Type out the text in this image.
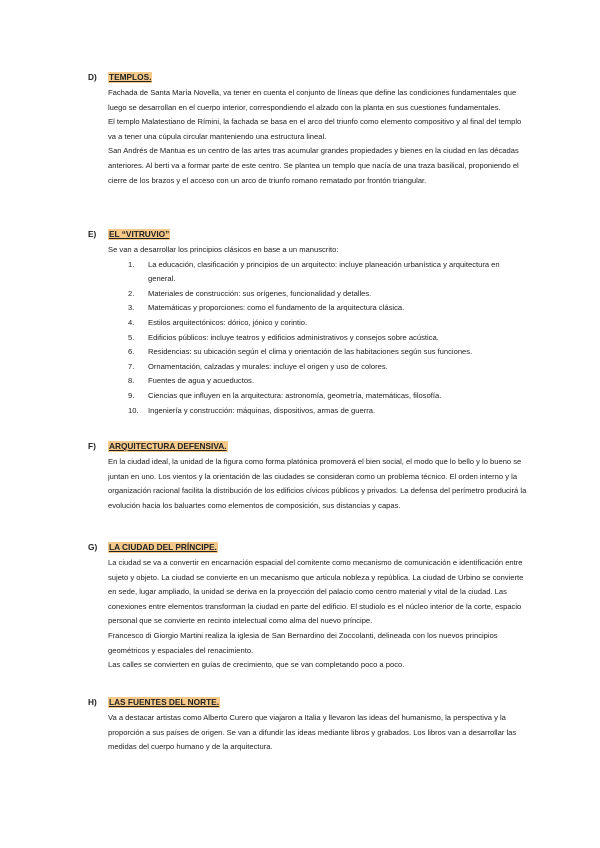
D) TEMPLOS.

Fachada de Santa María Novella, va tener en cuenta el conjunto de líneas que define las condiciones fundamentales que luego se desarrollan en el cuerpo interior, correspondiendo el alzado con la planta en sus cuestiones fundamentales.

El templo Malatestiano de Rímini, la fachada se basa en el arco del triunfo como elemento compositivo y al final del templo va a tener una cúpula circular manteniendo una estructura lineal.

San Andrés de Mantua es un centro de las artes tras acumular grandes propiedades y bienes en la ciudad en las décadas anteriores. Al berti va a formar parte de este centro. Se plantea un templo que nacía de una traza basilical, proponiendo el cierre de los brazos y el acceso con un arco de triunfo romano rematado por frontón triangular.

E) EL “VITRUVIO”

Se van a desarrollar los principios clásicos en base a un manuscrito:

1.	La educación, clasificación y principios de un arquitecto: incluye planeación urbanística y arquitectura en general.
2.	Materiales de construcción: sus orígenes, funcionalidad y detalles.
3.	Matemáticas y proporciones: como el fundamento de la arquitectura clásica.
4.	Estilos arquitectónicos: dórico, jónico y corintio.
5.	Edificios públicos: incluye teatros y edificios administrativos y consejos sobre acústica.
6.	Residencias: su ubicación según el clima y orientación de las habitaciones según sus funciones.
7.	Ornamentación, calzadas y murales: incluye el origen y uso de colores.
8.	Fuentes de agua y acueductos.
9.	Ciencias que influyen en la arquitectura: astronomía, geometría, matemáticas, filosofía.
10.	Ingeniería y construcción: máquinas, dispositivos, armas de guerra.
F) ARQUITECTURA DEFENSIVA.

En la ciudad ideal, la unidad de la figura como forma platónica promoverá el bien social, el modo que lo bello y lo bueno se juntan en uno. Los vientos y la orientación de las ciudades se consideran como un problema técnico. El orden interno y la organización racional facilita la distribución de los edificios cívicos públicos y privados. La defensa del perímetro producirá la evolución hacia los baluartes como elementos de composición, sus distancias y capas.

G) LA CIUDAD DEL PRÍNCIPE.

La ciudad se va a convertir en encarnación espacial del comitente como mecanismo de comunicación e identificación entre sujeto y objeto. La ciudad se convierte en un mecanismo que articula nobleza y república. La ciudad de Urbino se convierte en sede, lugar ampliado, la unidad se deriva en la proyección del palacio como centro material y vital de la ciudad. Las conexiones entre elementos transforman la ciudad en parte del edificio. El studiolo es el núcleo interior de la corte, espacio personal que se convierte en recinto intelectual como alma del nuevo príncipe.

Francesco di Giorgio Martini realiza la iglesia de San Bernardino dei Zoccolanti, delineada con los nuevos principios geométricos y espaciales del renacimiento.

Las calles se convierten en guías de crecimiento, que se van completando poco a poco.

H) LAS FUENTES DEL NORTE.

Va a destacar artistas como Alberto Curero que viajaron a Italia y llevaron las ideas del humanismo, la perspectiva y la proporción a sus países de origen. Se van a difundir las ideas mediante libros y grabados. Los libros van a desarrollar las medidas del cuerpo humano y de la arquitectura.
